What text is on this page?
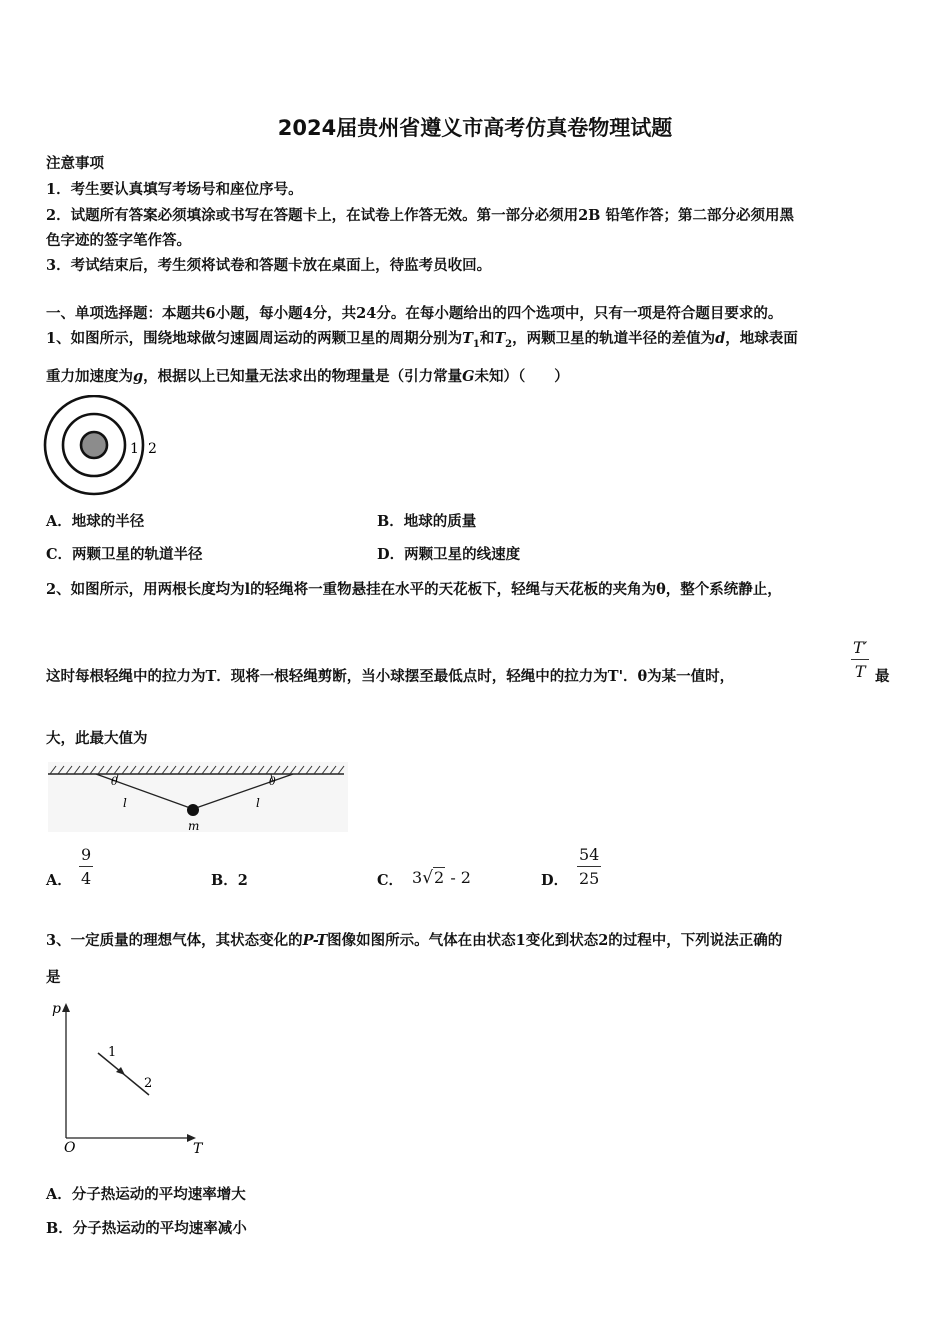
2024届贵州省遵义市高考仿真卷物理试题
注意事项
1．考生要认真填写考场号和座位序号。
2．试题所有答案必须填涂或书写在答题卡上，在试卷上作答无效。第一部分必须用2B 铅笔作答；第二部分必须用黑
色字迹的签字笔作答。
3．考试结束后，考生须将试卷和答题卡放在桌面上，待监考员收回。
一、单项选择题：本题共6小题，每小题4分，共24分。在每小题给出的四个选项中，只有一项是符合题目要求的。
1、如图所示，围绕地球做匀速圆周运动的两颗卫星的周期分别为$T_1$和$T_2$，两颗卫星的轨道半径的差值为d，地球表面
重力加速度为g，根据以上已知量无法求出的物理量是（引力常量G未知）（　　）
1 2
A．地球的半径	B．地球的质量
C．两颗卫星的轨道半径	D．两颗卫星的线速度
2、如图所示，用两根长度均为l的轻绳将一重物悬挂在水平的天花板下，轻绳与天花板的夹角为θ，整个系统静止，
这时每根轻绳中的拉力为T．现将一根轻绳剪断，当小球摆至最低点时，轻绳中的拉力为T'．θ为某一值时，	$\frac{T'}{T}$ 最
大，此最大值为
θ	θ
l	l
m
A． $\frac{9}{4}$	B．2	C． 3√2 - 2	D． $\frac{54}{25}$
3、一定质量的理想气体，其状态变化的P-T图像如图所示。气体在由状态1变化到状态2的过程中，下列说法正确的
是
p
T
O
1
2
A．分子热运动的平均速率增大
B．分子热运动的平均速率减小
